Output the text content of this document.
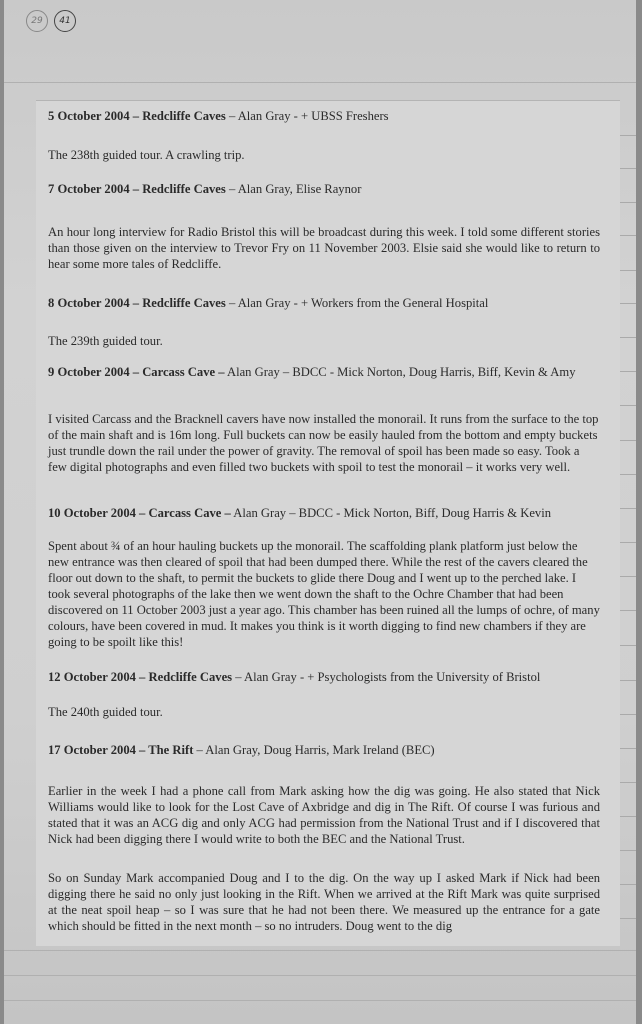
29	41
5 October 2004 – Redcliffe Caves – Alan Gray - + UBSS Freshers
The 238th guided tour. A crawling trip.
7 October 2004 – Redcliffe Caves – Alan Gray, Elise Raynor
An hour long interview for Radio Bristol this will be broadcast during this week. I told some different stories than those given on the interview to Trevor Fry on 11 November 2003. Elsie said she would like to return to hear some more tales of Redcliffe.
8 October 2004 – Redcliffe Caves – Alan Gray - + Workers from the General Hospital
The 239th guided tour.
9 October 2004 – Carcass Cave – Alan Gray – BDCC - Mick Norton, Doug Harris, Biff, Kevin & Amy
I visited Carcass and the Bracknell cavers have now installed the monorail. It runs from the surface to the top of the main shaft and is 16m long. Full buckets can now be easily hauled from the bottom and empty buckets just trundle down the rail under the power of gravity. The removal of spoil has been made so easy. Took a few digital photographs and even filled two buckets with spoil to test the monorail – it works very well.
10 October 2004 – Carcass Cave – Alan Gray – BDCC - Mick Norton, Biff, Doug Harris & Kevin
Spent about ¾ of an hour hauling buckets up the monorail. The scaffolding plank platform just below the new entrance was then cleared of spoil that had been dumped there. While the rest of the cavers cleared the floor out down to the shaft, to permit the buckets to glide there Doug and I went up to the perched lake. I took several photographs of the lake then we went down the shaft to the Ochre Chamber that had been discovered on 11 October 2003 just a year ago. This chamber has been ruined all the lumps of ochre, of many colours, have been covered in mud. It makes you think is it worth digging to find new chambers if they are going to be spoilt like this!
12 October 2004 – Redcliffe Caves – Alan Gray - + Psychologists from the University of Bristol
The 240th guided tour.
17 October 2004 – The Rift – Alan Gray, Doug Harris, Mark Ireland (BEC)
Earlier in the week I had a phone call from Mark asking how the dig was going. He also stated that Nick Williams would like to look for the Lost Cave of Axbridge and dig in The Rift. Of course I was furious and stated that it was an ACG dig and only ACG had permission from the National Trust and if I discovered that Nick had been digging there I would write to both the BEC and the National Trust.
So on Sunday Mark accompanied Doug and I to the dig. On the way up I asked Mark if Nick had been digging there he said no only just looking in the Rift. When we arrived at the Rift Mark was quite surprised at the neat spoil heap – so I was sure that he had not been there. We measured up the entrance for a gate which should be fitted in the next month – so no intruders. Doug went to the dig
